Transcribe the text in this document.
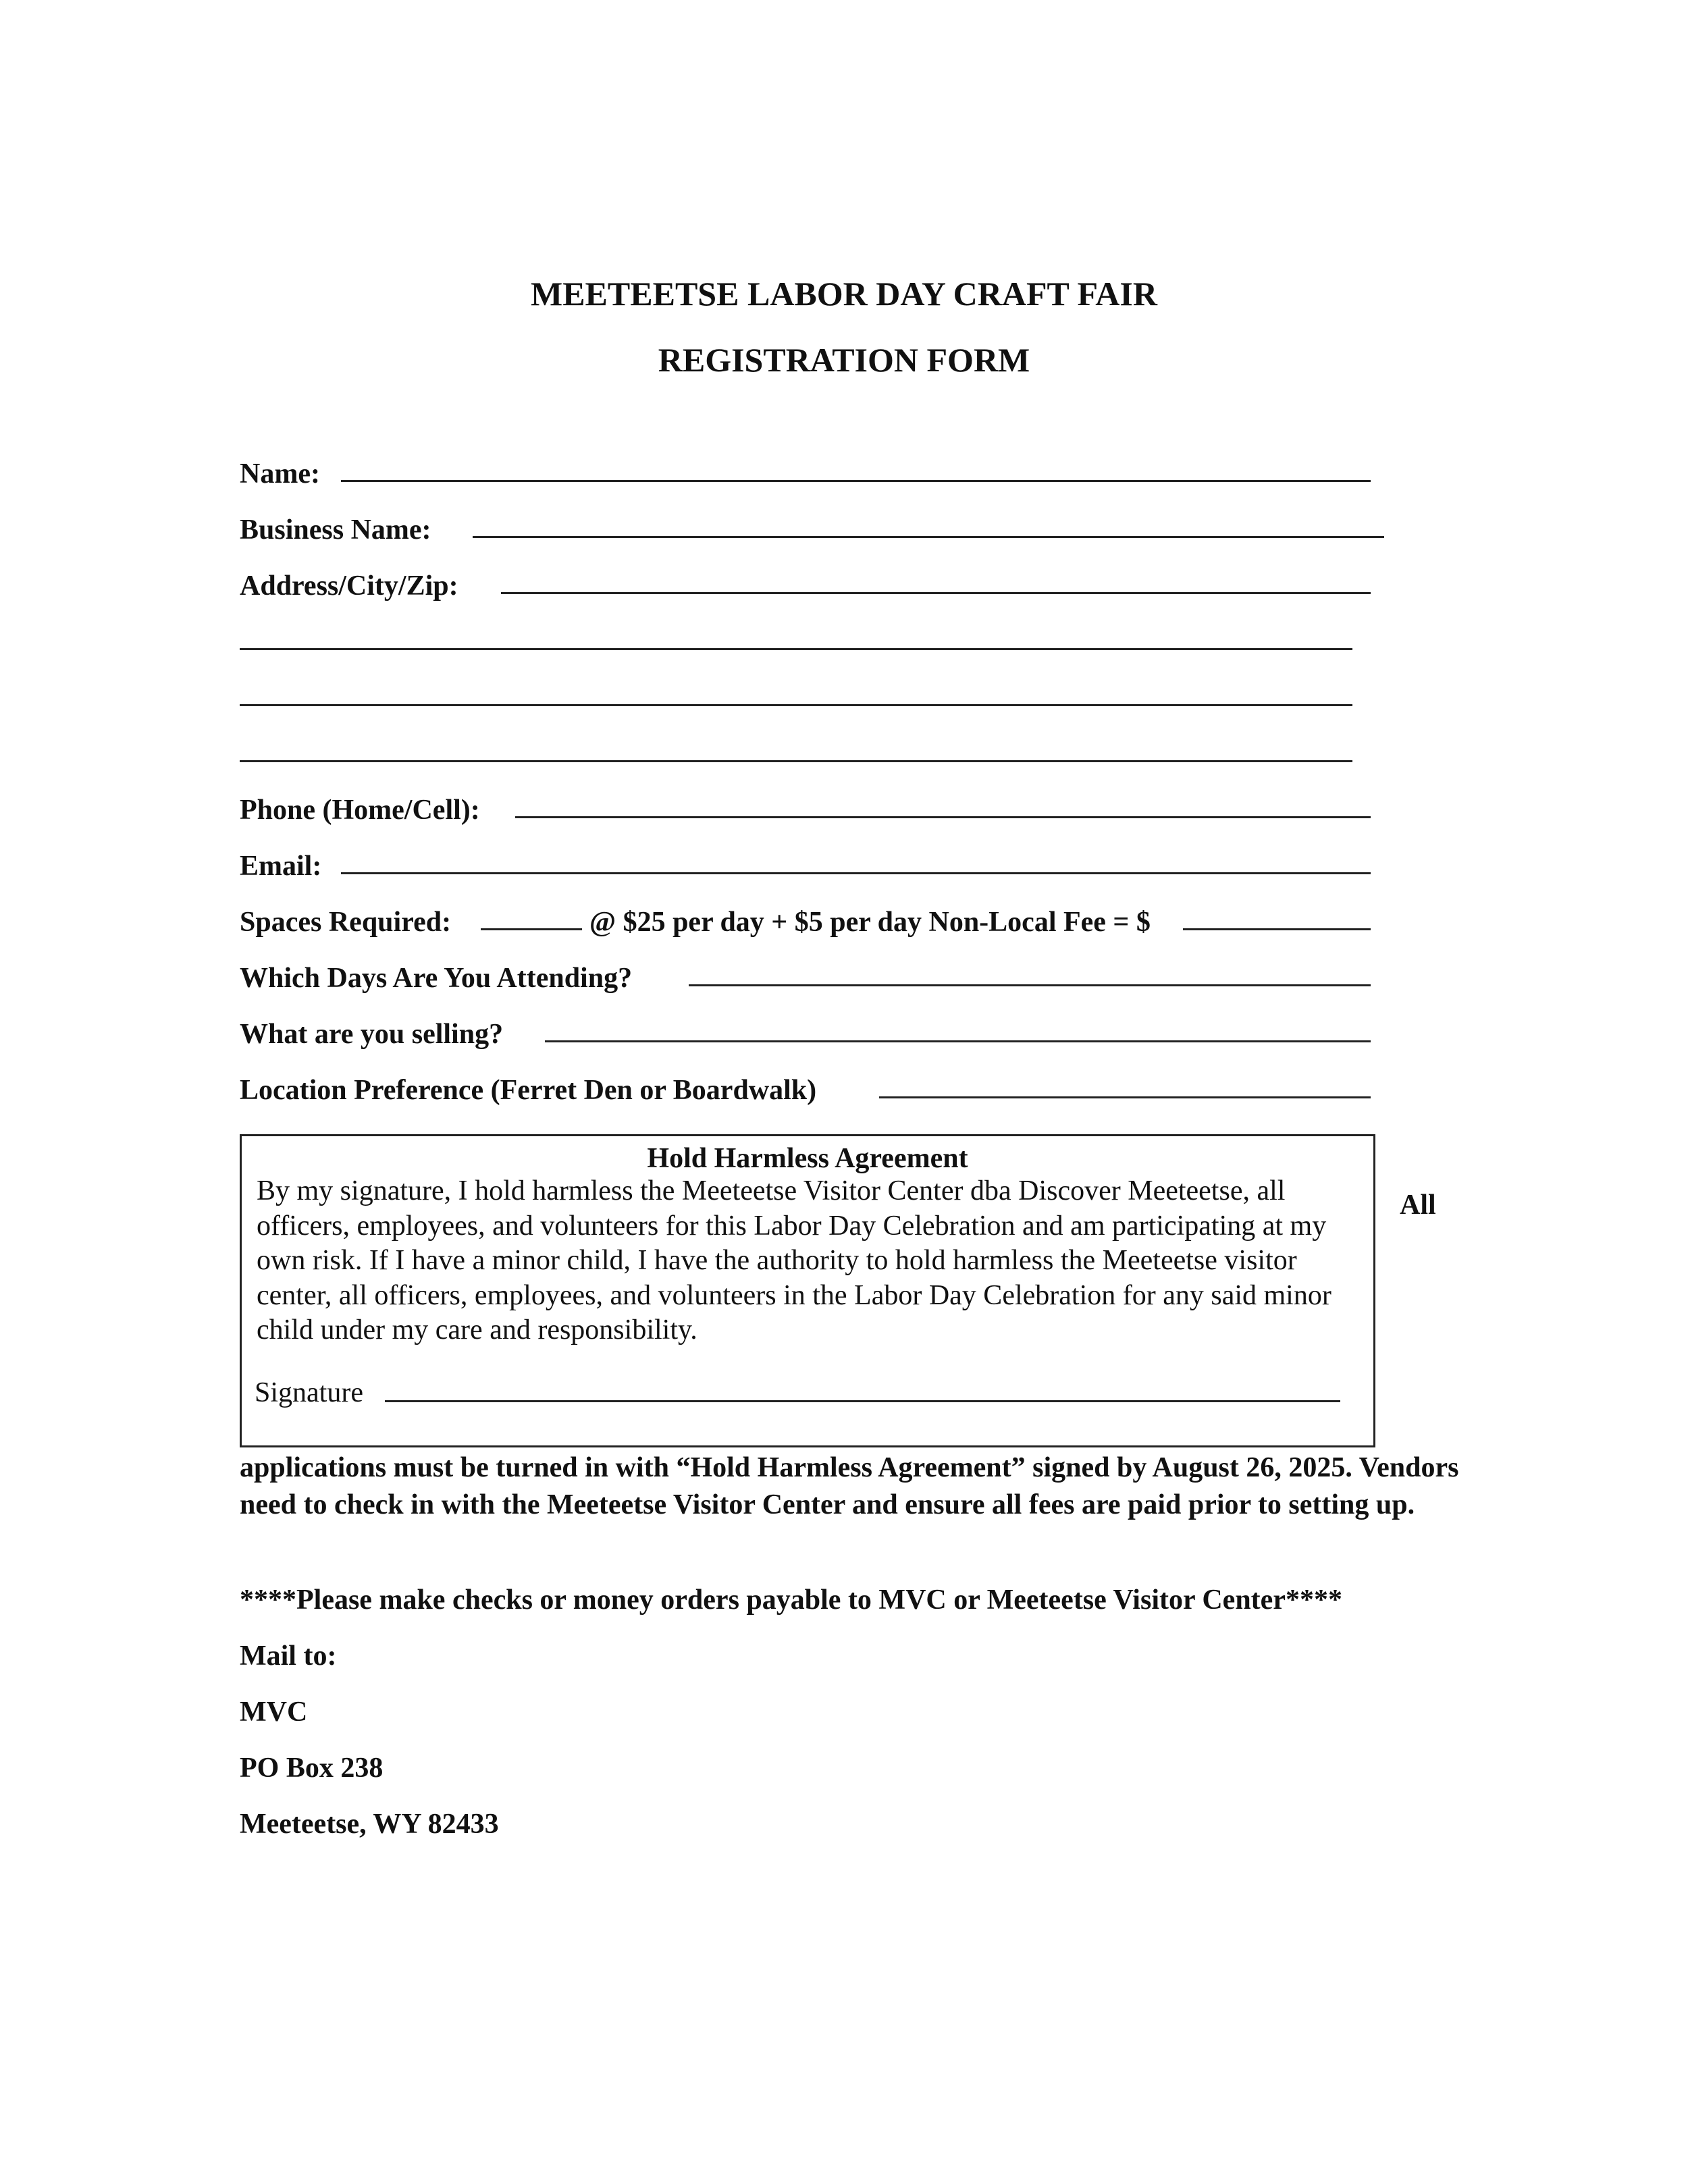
MEETEETSE LABOR DAY CRAFT FAIR
REGISTRATION FORM
Name:
Business Name:
Address/City/Zip:
Phone (Home/Cell):
Email:
Spaces Required:	@ $25 per day + $5 per day Non-Local Fee = $
Which Days Are You Attending?
What are you selling?
Location Preference (Ferret Den or Boardwalk)

Hold Harmless Agreement

By my signature, I hold harmless the Meeteetse Visitor Center dba Discover Meeteetse, all officers, employees, and volunteers for this Labor Day Celebration and am participating at my own risk. If I have a minor child, I have the authority to hold harmless the Meeteetse visitor center, all officers, employees, and volunteers in the Labor Day Celebration for any said minor child under my care and responsibility.

Signature
All

applications must be turned in with “Hold Harmless Agreement” signed by August 26, 2025. Vendors need to check in with the Meeteetse Visitor Center and ensure all fees are paid prior to setting up.

****Please make checks or money orders payable to MVC or Meeteetse Visitor Center****
Mail to:
MVC
PO Box 238
Meeteetse, WY 82433
